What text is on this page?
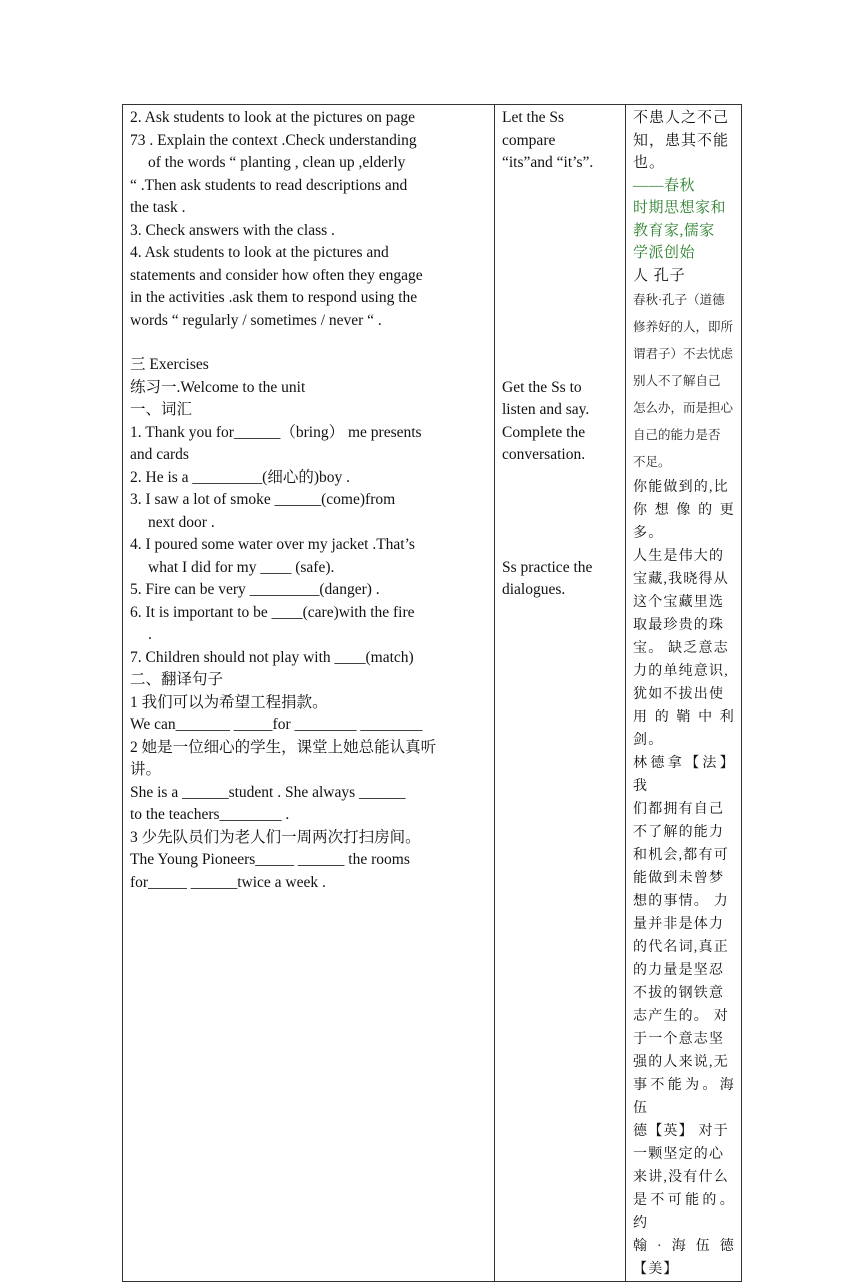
2. Ask students to look at the pictures on page
73 . Explain the context .Check understanding
of the words “ planting , clean up ,elderly
“ .Then ask students to read descriptions and
the task .
3. Check answers with the class .
4. Ask students to look at the pictures and
statements and consider how often they engage
in the activities .ask them to respond using the
words “ regularly / sometimes / never “ .
三 Exercises
练习一.Welcome to the unit
一、词汇
1. Thank you for______（bring） me presents
and cards
2. He is a _________(细心的)boy .
3. I saw a lot of smoke ______(come)from
next door .
4. I poured some water over my jacket .That’s
what I did for my ____ (safe).
5. Fire can be very _________(danger) .
6. It is important to be ____(care)with the fire
.
7. Children should not play with ____(match)
二、翻译句子
1 我们可以为希望工程捐款。
We can_______ _____for ________ ________
2 她是一位细心的学生，课堂上她总能认真听
讲。
She is a ______student . She always ______
to the teachers________ .
3 少先队员们为老人们一周两次打扫房间。
The Young Pioneers_____ ______ the rooms
for_____ ______twice a week .

Let the Ss
compare
“its”and “it’s”.
Get the Ss to
listen and say.
Complete the
conversation.
Ss practice the
dialogues.

不患人之不己
知，患其不能
也。
——春秋
时期思想家和
教育家,儒家
学派创始
人 孔子
春秋·孔子（道德
修养好的人，即所
谓君子）不去忧虑
别人不了解自己
怎么办，而是担心
自己的能力是否
不足。
你能做到的,比
你想像的更多。
人生是伟大的
宝藏,我晓得从
这个宝藏里选
取最珍贵的珠
宝。 缺乏意志
力的单纯意识,
犹如不拔出使
用的鞘中利剑。
林德拿【法】我
们都拥有自己
不了解的能力
和机会,都有可
能做到未曾梦
想的事情。 力
量并非是体力
的代名词,真正
的力量是坚忍
不拔的钢铁意
志产生的。 对
于一个意志坚
强的人来说,无
事不能为。海伍
德【英】 对于
一颗坚定的心
来讲,没有什么
是不可能的。约
翰·海伍德【美】
